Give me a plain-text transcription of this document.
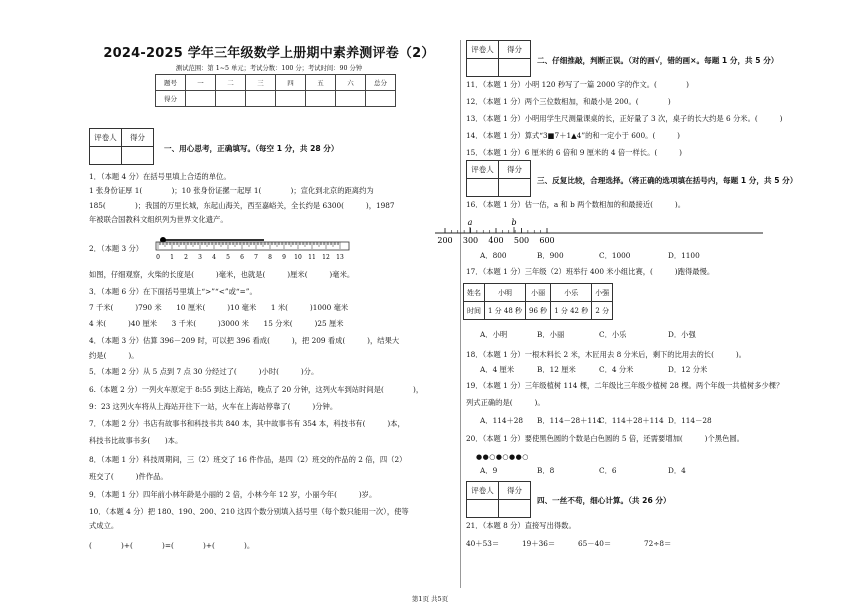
2024-2025 学年三年级数学上册期中素养测评卷（2）
测试范围：第 1~5 单元；考试分数：100 分；考试时间：90 分钟
题号	一	二	三	四	五	六	总分
得分							
评卷人	得分

一、用心思考，正确填写。（每空 1 分，共 28 分）
1．（本题 4 分）在括号里填上合适的单位。
1 张身份证厚 1(　　　　)；10 张身份证摞一起厚 1(　　　　)；宣化到北京的距离约为
185(　　　　)；我国的万里长城，东起山海关，西至嘉峪关，全长约是 6300(　　　)，1987
年被联合国教科文组织列为世界文化遗产。
2．（本题 3 分）
如图，仔细观察，火柴的长度是(　　　)毫米，也就是(　　　)厘米(　　　)毫米。
3．（本题 6 分）在下面括号里填上“>”“<”或“=”。
7 千米(　　　)790 米　　10 厘米(　　　)10 毫米　　1 米(　　　)1000 毫米
4 米(　　　)40 厘米　　3 千米(　　　)3000 米　　15 分米(　　　)25 厘米
4．（本题 3 分）估算 396－209 时，可以把 396 看成(　　　)，把 209 看成(　　　)，结果大
约是(　　　)。
5．（本题 2 分）从 5 点到 7 点 30 分经过了(　　　)小时(　　　)分。
6.（本题 2 分）一列火车原定于 8:55 到达上海站，晚点了 20 分钟，这列火车到站时间是(　　　　)，
9：23 这列火车将从上海站开往下一站，火车在上海站停靠了(　　　)分钟。
7．（本题 2 分）书店有故事书和科技书共 840 本，其中故事书有 354 本，科技书有(　　　)本，
科技书比故事书多(　　)本。
8．（本题 1 分）科技周期间，三（2）班交了 16 件作品，是四（2）班交的作品的 2 倍，四（2）
班交了(　　　)件作品。
9．（本题 1 分）四年前小林年龄是小丽的 2 倍，小林今年 12 岁，小丽今年(　　　)岁。
10．（本题 4 分）把 180、190、200、210 这四个数分别填入括号里（每个数只能用一次），使等
式成立。
(　　　　)+(　　　　)=(　　　　)+(　　　　)。
0 1 2 3 4 5 6 7 8 9 10 11 12 13
评卷人	得分

二、仔细推敲，判断正误。（对的画√，错的画×。每题 1 分，共 5 分）
评卷人	得分

三、反复比较，合理选择。（将正确的选项填在括号内，每题 1 分，共 5 分）
评卷人	得分

四、一丝不苟，细心计算。（共 26 分）
11．（本题 1 分）小明 120 秒写了一篇 2000 字的作文。(　　　　)
12．（本题 1 分）两个三位数相加，和最小是 200。(　　　　)
13．（本题 1 分）小明用学生尺测量课桌的长，正好量了 3 次，桌子的长大约是 6 分米。(　　　)
14．（本题 1 分）算式“3■7＋1▲4”的和一定小于 600。(　　　)
15．（本题 1 分）6 厘米的 6 倍和 9 厘米的 4 倍一样长。(　　　)
16．（本题 1 分）估一估，a 和 b 两个数相加的和最接近(　　　)。
17．（本题 1 分）三年级（2）班举行 400 米小组比赛，(　　　)跑得最慢。
18．（本题 1 分）一根木料长 2 米，木匠用去 8 分米后，剩下的比用去的长(　　　)。
19．（本题 1 分）三年级植树 114 棵，二年级比三年级少植树 28 棵。两个年级一共植树多少棵？
列式正确的是(　　　)。
20．（本题 1 分）要使黑色圆的个数是白色圆的 5 倍，还需要增加(　　　)个黑色圆。
21．（本题 8 分）直接写出得数。
200 300 400 500 600
a	b
姓名	小明	小丽	小乐	小强
时间	1 分 48 秒	96 秒	1 分 42 秒	2 分
●●○●○●●○
A．800	B．900	C．1000	D．1100
A．小明	B．小丽	C．小乐	D．小强
A．4 厘米	B．12 厘米	C．4 分米	D．12 分米
A．114＋28 B．114－28＋114
C．114＋28＋114 D．114－28
A．9	B．8	C．6	D．4
40＋53＝	19＋36＝	65－40＝	72÷8＝
第1页 共5页
